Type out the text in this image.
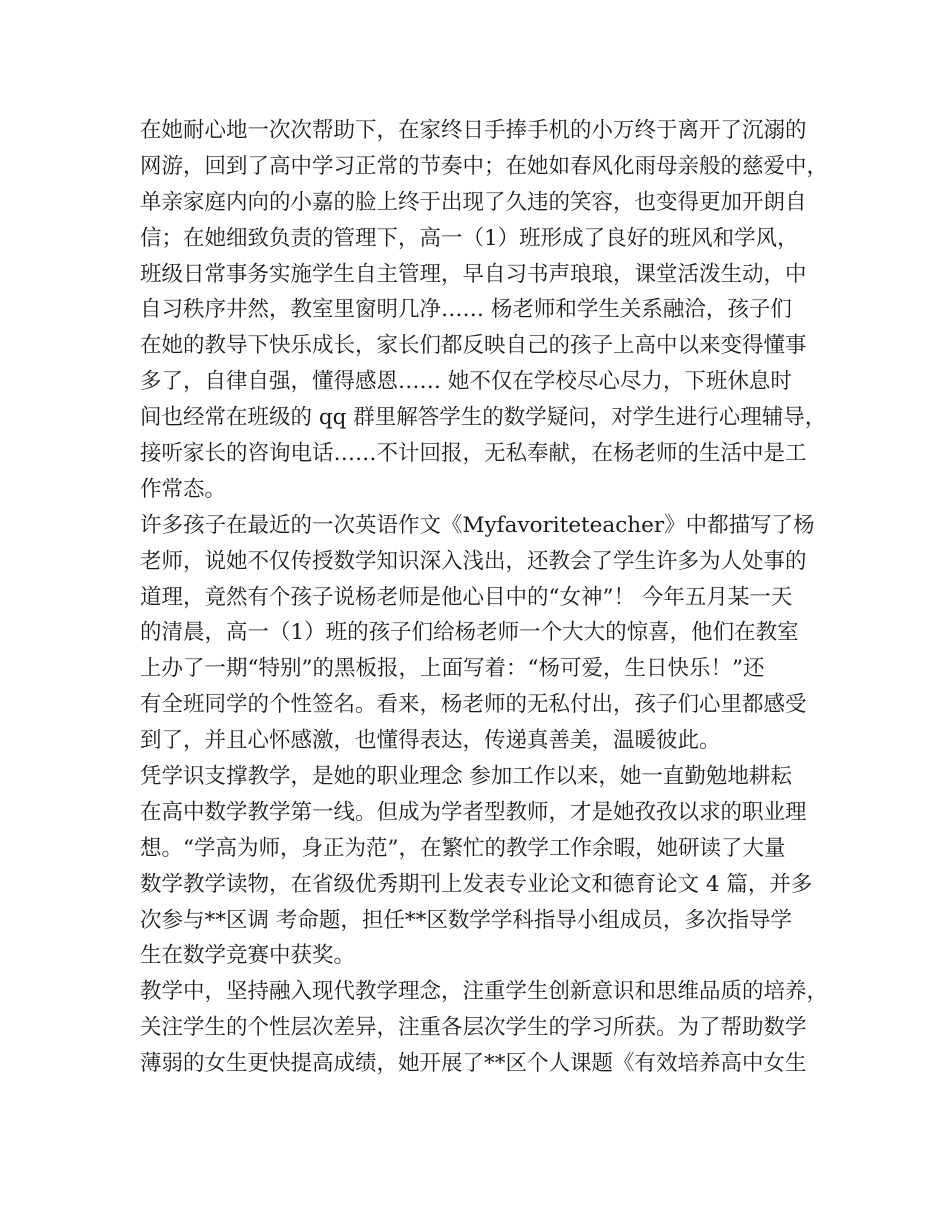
在她耐心地一次次帮助下，在家终日手捧手机的小万终于离开了沉溺的
网游，回到了高中学习正常的节奏中；在她如春风化雨母亲般的慈爱中，
单亲家庭内向的小嘉的脸上终于出现了久违的笑容，也变得更加开朗自
信；在她细致负责的管理下，高一（1）班形成了良好的班风和学风，
班级日常事务实施学生自主管理，早自习书声琅琅，课堂活泼生动，中
自习秩序井然，教室里窗明几净…… 杨老师和学生关系融洽，孩子们
在她的教导下快乐成长，家长们都反映自己的孩子上高中以来变得懂事
多了，自律自强，懂得感恩…… 她不仅在学校尽心尽力，下班休息时
间也经常在班级的 qq 群里解答学生的数学疑问，对学生进行心理辅导，
接听家长的咨询电话……不计回报，无私奉献，在杨老师的生活中是工
作常态。
许多孩子在最近的一次英语作文《Myfavoriteteacher》中都描写了杨
老师，说她不仅传授数学知识深入浅出，还教会了学生许多为人处事的
道理，竟然有个孩子说杨老师是他心目中的“女神”！ 今年五月某一天
的清晨，高一（1）班的孩子们给杨老师一个大大的惊喜，他们在教室
上办了一期“特别”的黑板报，上面写着：“杨可爱，生日快乐！”还
有全班同学的个性签名。看来，杨老师的无私付出，孩子们心里都感受
到了，并且心怀感激，也懂得表达，传递真善美，温暖彼此。
凭学识支撑教学，是她的职业理念 参加工作以来，她一直勤勉地耕耘
在高中数学教学第一线。但成为学者型教师，才是她孜孜以求的职业理
想。“学高为师，身正为范”，在繁忙的教学工作余暇，她研读了大量
数学教学读物，在省级优秀期刊上发表专业论文和德育论文 4 篇，并多
次参与**区调 考命题，担任**区数学学科指导小组成员，多次指导学
生在数学竞赛中获奖。
教学中，坚持融入现代教学理念，注重学生创新意识和思维品质的培养，
关注学生的个性层次差异，注重各层次学生的学习所获。为了帮助数学
薄弱的女生更快提高成绩，她开展了**区个人课题《有效培养高中女生
